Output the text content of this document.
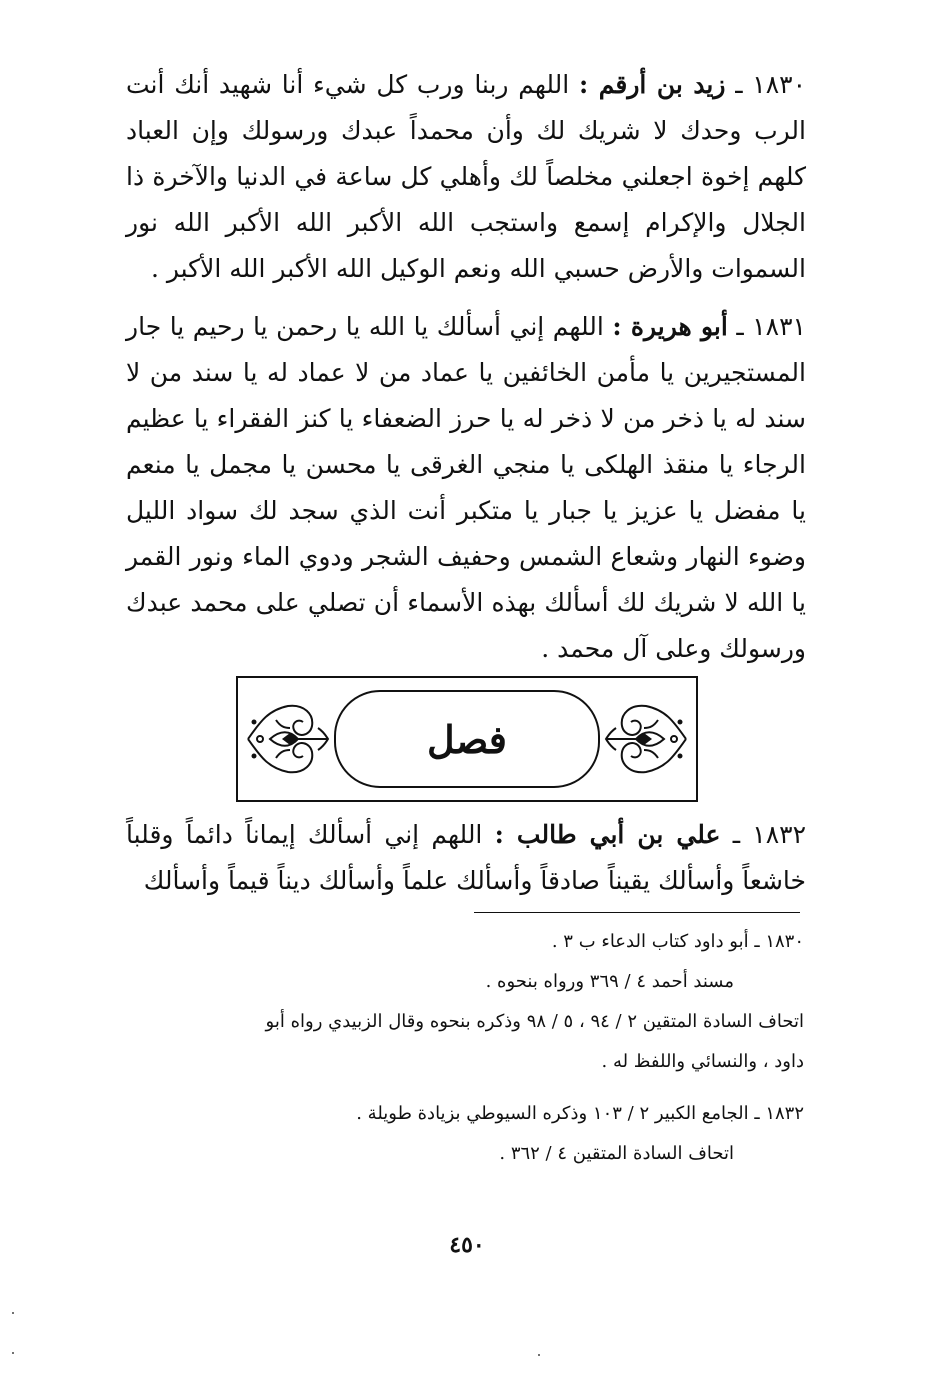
١٨٣٠ ـ زيد بن أرقم : اللهم ربنا ورب كل شيء أنا شهيد أنك أنت الرب وحدك لا شريك لك وأن محمداً عبدك ورسولك وإن العباد كلهم إخوة اجعلني مخلصاً لك وأهلي كل ساعة في الدنيا والآخرة ذا الجلال والإكرام إسمع واستجب الله الأكبر الله الأكبر الله نور السموات والأرض حسبي الله ونعم الوكيل الله الأكبر الله الأكبر .

١٨٣١ ـ أبو هريرة : اللهم إني أسألك يا الله يا رحمن يا رحيم يا جار المستجيرين يا مأمن الخائفين يا عماد من لا عماد له يا سند من لا سند له يا ذخر من لا ذخر له يا حرز الضعفاء يا كنز الفقراء يا عظيم الرجاء يا منقذ الهلكى يا منجي الغرقى يا محسن يا مجمل يا منعم يا مفضل يا عزيز يا جبار يا متكبر أنت الذي سجد لك سواد الليل وضوء النهار وشعاع الشمس وحفيف الشجر ودوي الماء ونور القمر يا الله لا شريك لك أسألك بهذه الأسماء أن تصلي على محمد عبدك ورسولك وعلى آل محمد .

فصل

١٨٣٢ ـ علي بن أبي طالب : اللهم إني أسألك إيماناً دائماً وقلباً خاشعاً وأسألك يقيناً صادقاً وأسألك علماً وأسألك ديناً قيماً وأسألك

١٨٣٠ ـ أبو داود كتاب الدعاء ب ٣ .

مسند أحمد ٤ / ٣٦٩ ورواه بنحوه .

اتحاف السادة المتقين ٢ / ٩٤ ، ٥ / ٩٨ وذكره بنحوه وقال الزبيدي رواه أبو

داود ، والنسائي واللفظ له .

١٨٣٢ ـ الجامع الكبير ٢ / ١٠٣ وذكره السيوطي بزيادة طويلة .

اتحاف السادة المتقين ٤ / ٣٦٢ .

٤٥٠
